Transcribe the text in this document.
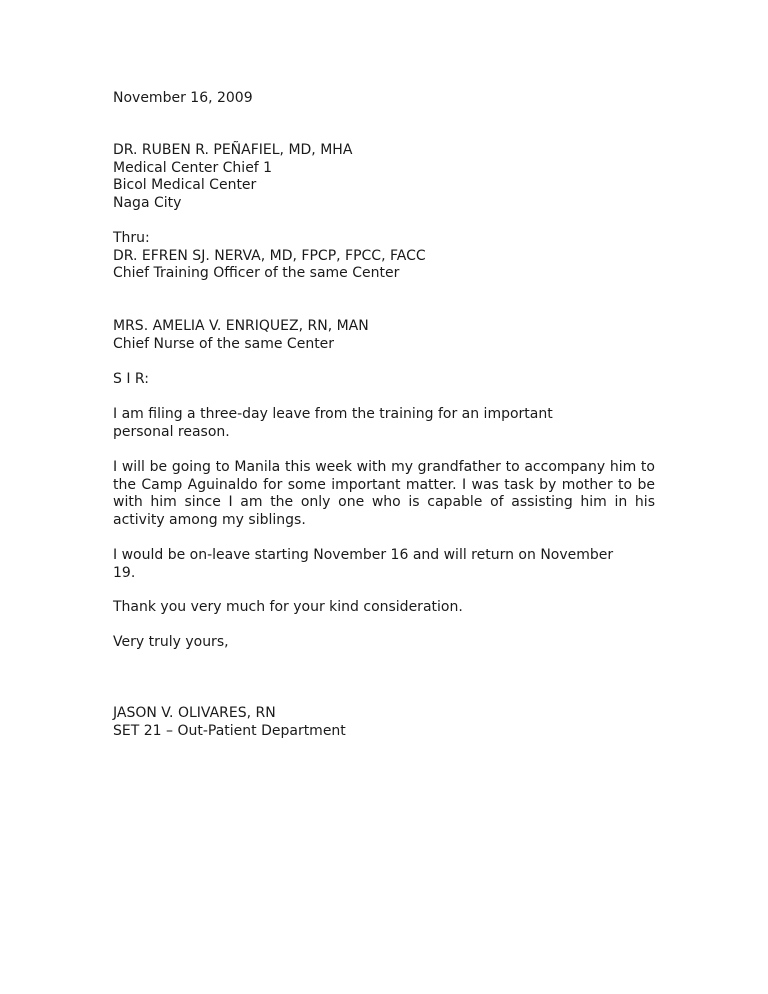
November 16, 2009
DR. RUBEN R. PEÑAFIEL, MD, MHA
Medical Center Chief 1
Bicol Medical Center
Naga City
Thru:
DR. EFREN SJ. NERVA, MD, FPCP, FPCC, FACC
Chief Training Officer of the same Center
MRS. AMELIA V. ENRIQUEZ, RN, MAN
Chief Nurse of the same Center
S I R:
I am filing a three-day leave from the training for an important
personal reason.
I will be going to Manila this week with my grandfather to accompany him to the Camp Aguinaldo for some important matter. I was task by mother to be with him since I am the only one who is capable of assisting him in his activity among my siblings.
I would be on-leave starting November 16 and will return on November
19.
Thank you very much for your kind consideration.
Very truly yours,
JASON V. OLIVARES, RN
SET 21 – Out-Patient Department
